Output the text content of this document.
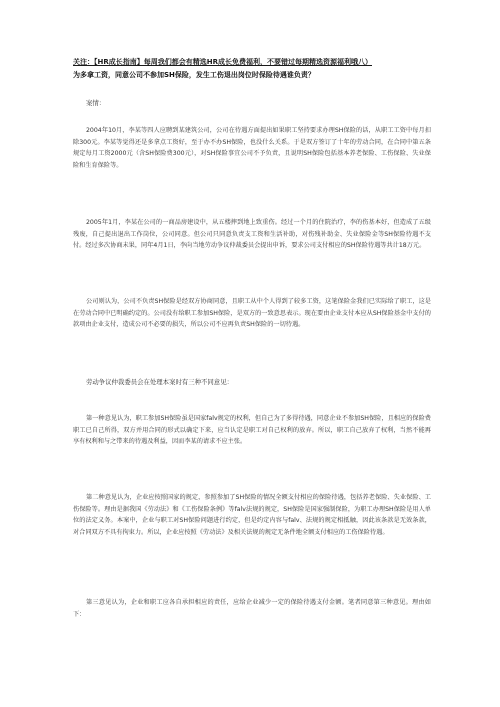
关注：【HR成长指南】每周我们都会有精选HR成长免费福利，不要错过每期精选资源福利哦八）
为多拿工资，同意公司不参加SH保险，发生工伤退出岗位时保险待遇谁负责？
案情：
2004年10月，李某等四人应聘到某建筑公司，公司在待遇方面提出如果职工坚持要求办理SH保险的话，从职工工资中每月扣除300元。李某等觉得还是多拿点工资好，至于办不办SH保险，也没什么关系。于是双方签订了十年的劳动合同，在合同中第五条规定每月工资2000元（含SH保险费300元），对SH保险事宜公司不予负责，且说明SH保险包括基本养老保险、工伤保险、失业保险和生育保险等。
2005年1月，李某在公司的一商品房建设中，从五楼摔到地上致重伤。经过一个月的住院治疗，李的伤基本好，但造成了五级残废，自己提出退出工作岗位，公司同意。但公司只同意负责支工资和生活补助，对伤残补助金、失业保险金等SH保险待遇不支付。经过多次协商未果，同年4月1日，李向当地劳动争议仲裁委员会提出申诉，要求公司支付相应的SH保险待遇等共计18万元。
公司则认为，公司不负责SH保险是经双方协商同意，且职工从中个人得到了较多工资，这笔保险金我们已实际给了职工，这是在劳动合同中已明确约定的。公司没有给职工参加SH保险，是双方的一致意思表示。现在要由企业支付本应从SH保险基金中支付的款项由企业支付，造成公司不必要的损失，所以公司不应再负责SH保险的一切待遇。
劳动争议仲裁委员会在处理本案时有三种不同意见：
第一种意见认为，职工参加SH保险虽是国家falv规定的权利，但自己为了多得待遇，同意企业不参加SH保险，且相应的保险费职工已自己所得，双方并用合同的形式以确定下来，应当认定是职工对自己权利的放弃。所以，职工自己放弃了权利，当然不能再享有权利和与之带来的待遇及利益，因而李某的请求不应主张。
第二种意见认为，企业应按照国家的规定，参照参加了SH保险的情况全额支付相应的保险待遇，包括养老保险、失业保险、工伤保险等。理由是据我国《劳动法》和《工伤保险条例》等falv法规的规定，SH保险是国家强制保险，为职工办理SH保险是用人单位的法定义务。本案中，企业与职工对SH保险问题进行约定，但是约定内容与falv、法规的规定相抵触，因此该条款是无效条款，对合同双方不具有拘束力。所以，企业应按照《劳动法》及相关法规的规定无条件地全额支付相应的工伤保险待遇。
第三意见认为，企业和职工应各自承担相应的责任，应给企业减少一定的保险待遇支付金额。笔者同意第三种意见。理由如下：
